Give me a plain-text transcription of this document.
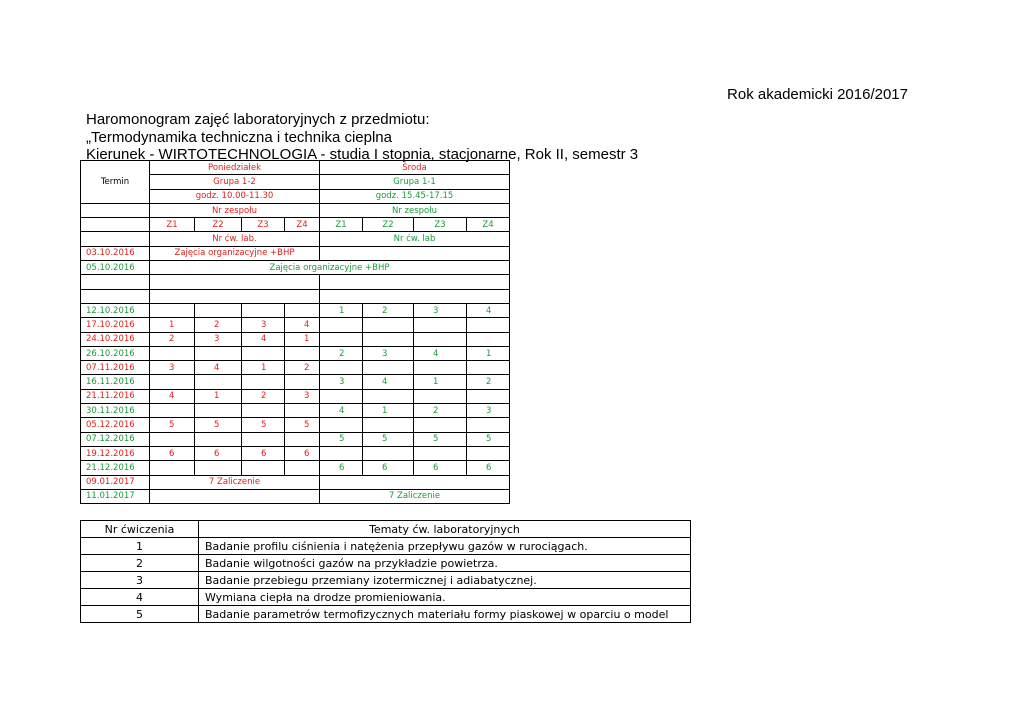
Rok akademicki 2016/2017
Haromonogram zajęć laboratoryjnych z przedmiotu:
„Termodynamika techniczna i technika cieplna
Kierunek - WIRTOTECHNOLOGIA - studia I stopnia, stacjonarne, Rok II, semestr 3
Termin	Poniedziałek				Środa			
	Grupa 1-2				Grupa 1-1			
	godz. 10.00-11.30				godz. 15.45-17.15			
	Nr zespołu				Nr zespołu			
	Z1	Z2	Z3	Z4	Z1	Z2	Z3	Z4
	Nr ćw. lab.				Nr ćw. lab			
03.10.2016	Zajęcia organizacyjne +BHP							
05.10.2016	Zajęcia organizacyjne +BHP							

12.10.2016					1	2	3	4
17.10.2016	1	2	3	4				
24.10.2016	2	3	4	1				
26.10.2016					2	3	4	1
07.11.2016	3	4	1	2				
16.11.2016					3	4	1	2
21.11.2016	4	1	2	3				
30.11.2016					4	1	2	3
05.12.2016	5	5	5	5				
07.12.2016					5	5	5	5
19.12.2016	6	6	6	6				
21.12.2016					6	6	6	6
09.01.2017	7 Zaliczenie							
11.01.2017					7 Zaliczenie			
Nr ćwiczenia	Tematy ćw. laboratoryjnych
1	Badanie profilu ciśnienia i natężenia przepływu gazów w rurociągach.
2	Badanie wilgotności gazów na przykładzie powietrza.
3	Badanie przebiegu przemiany izotermicznej i adiabatycznej.
4	Wymiana ciepła na drodze promieniowania.
5	Badanie parametrów termofizycznych materiału formy piaskowej w oparciu o model
